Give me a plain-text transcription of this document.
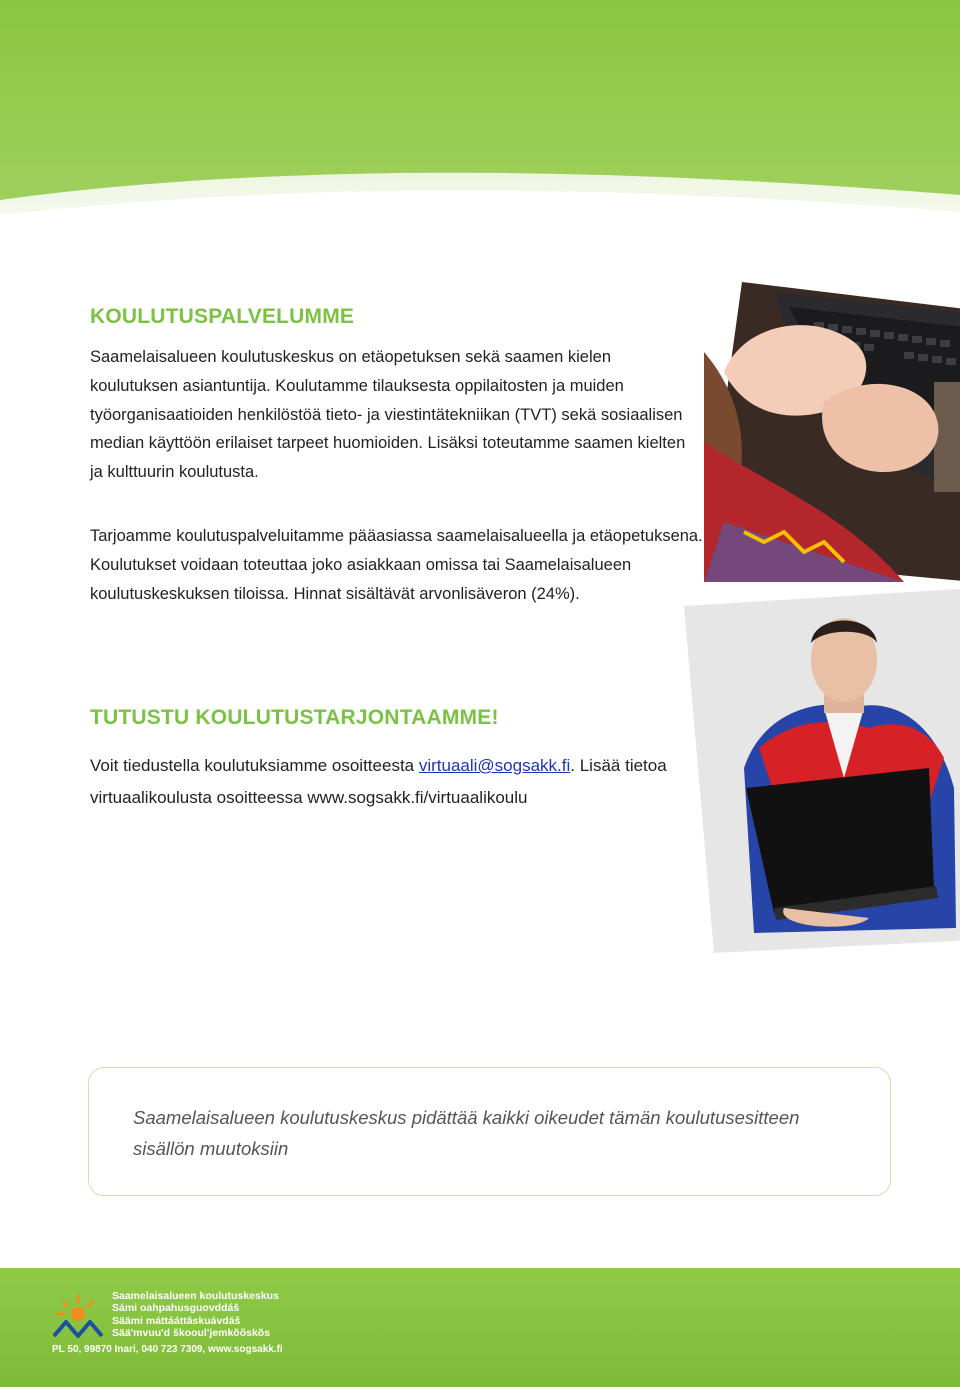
KOULUTUSPALVELUMME

Saamelaisalueen koulutuskeskus on etäopetuksen sekä saamen kielen koulutuksen asiantuntija. Koulutamme tilauksesta oppilaitosten ja muiden työorganisaatioiden henkilöstöä tieto- ja viestintätekniikan (TVT) sekä sosiaalisen median käyttöön erilaiset tarpeet huomioiden. Lisäksi toteutamme saamen kielten ja kulttuurin koulutusta.

Tarjoamme koulutuspalveluitamme pääasiassa saamelaisalueella ja etäopetuksena. Koulutukset voidaan toteuttaa joko asiakkaan omissa tai Saamelaisalueen koulutuskeskuksen tiloissa. Hinnat sisältävät arvonlisäveron (24%).

TUTUSTU KOULUTUSTARJONTAAMME!

Voit tiedustella koulutuksiamme osoitteesta virtuaali@sogsakk.fi. Lisää tietoa virtuaalikoulusta osoitteessa www.sogsakk.fi/virtuaalikoulu

Saamelaisalueen koulutuskeskus pidättää kaikki oikeudet tämän koulutusesitteen sisällön muutoksiin

Saamelaisalueen koulutuskeskus
Sámi oahpahusguovddáš
Säämi máttááttâskuávdáš
Sääʹmvuuʹd škooulʹjemkõõskõs
PL 50, 99870 Inari, 040 723 7309, www.sogsakk.fi
